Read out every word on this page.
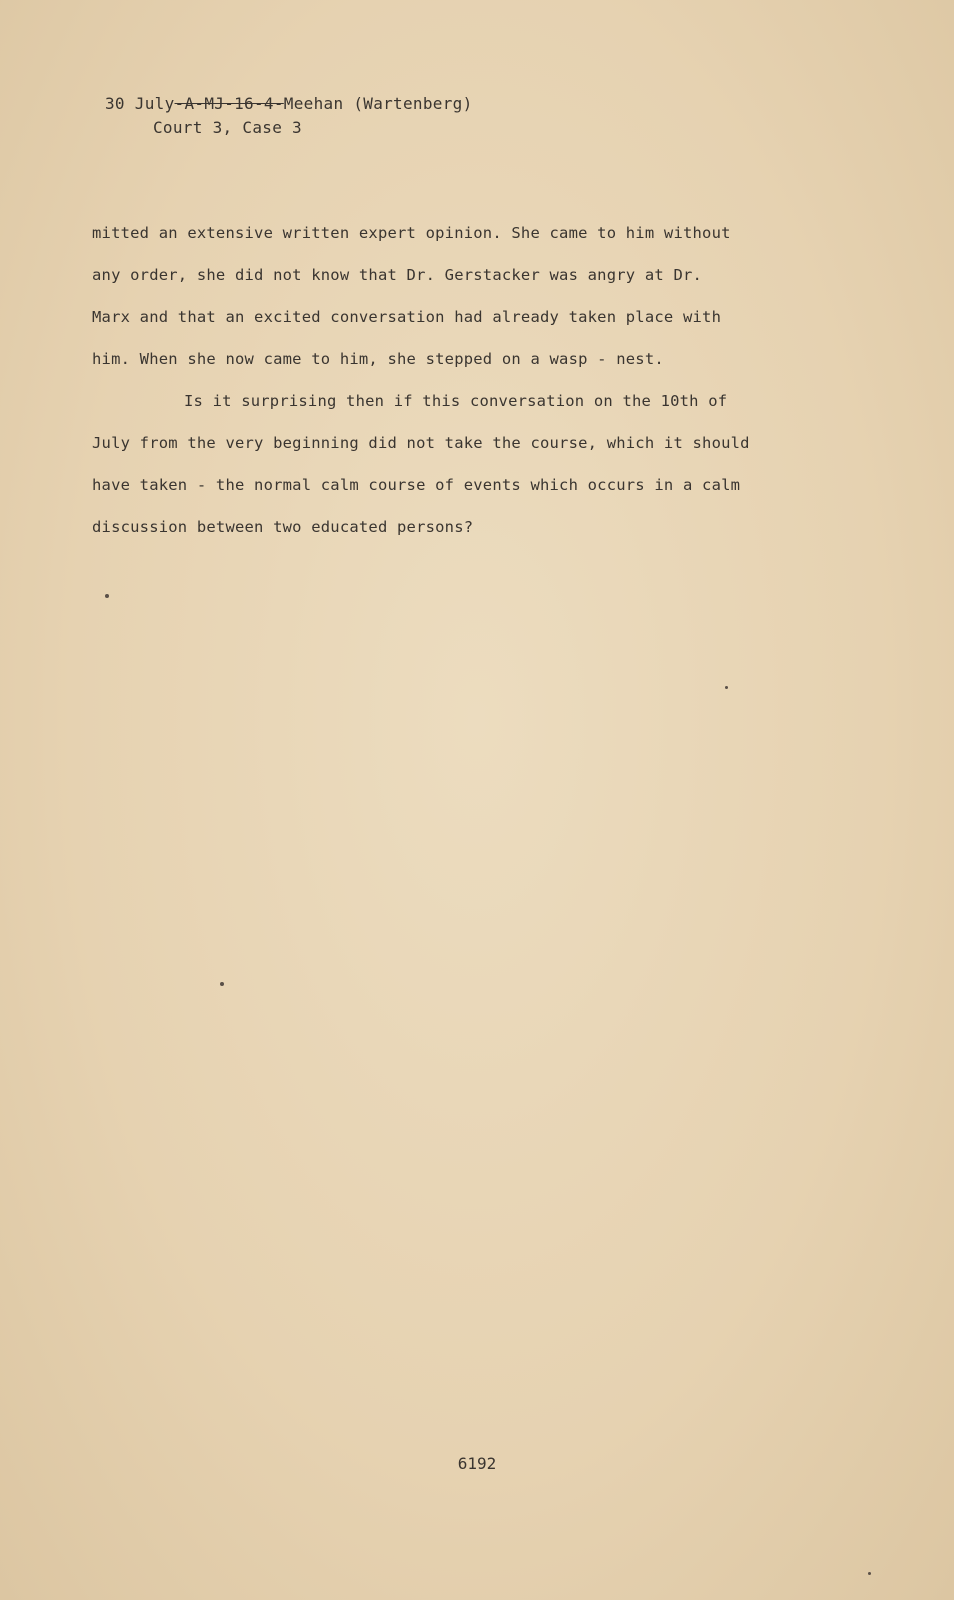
30 July-A-MJ-16-4-Meehan (Wartenberg)
Court 3, Case 3
mitted an extensive written expert opinion. She came to him without
any order, she did not know that Dr. Gerstacker was angry at Dr.
Marx and that an excited conversation had already taken place with
him. When she now came to him, she stepped on a wasp - nest.
Is it surprising then if this conversation on the 10th of
July from the very beginning did not take the course, which it should
have taken - the normal calm course of events which occurs in a calm
discussion between two educated persons?
6192
